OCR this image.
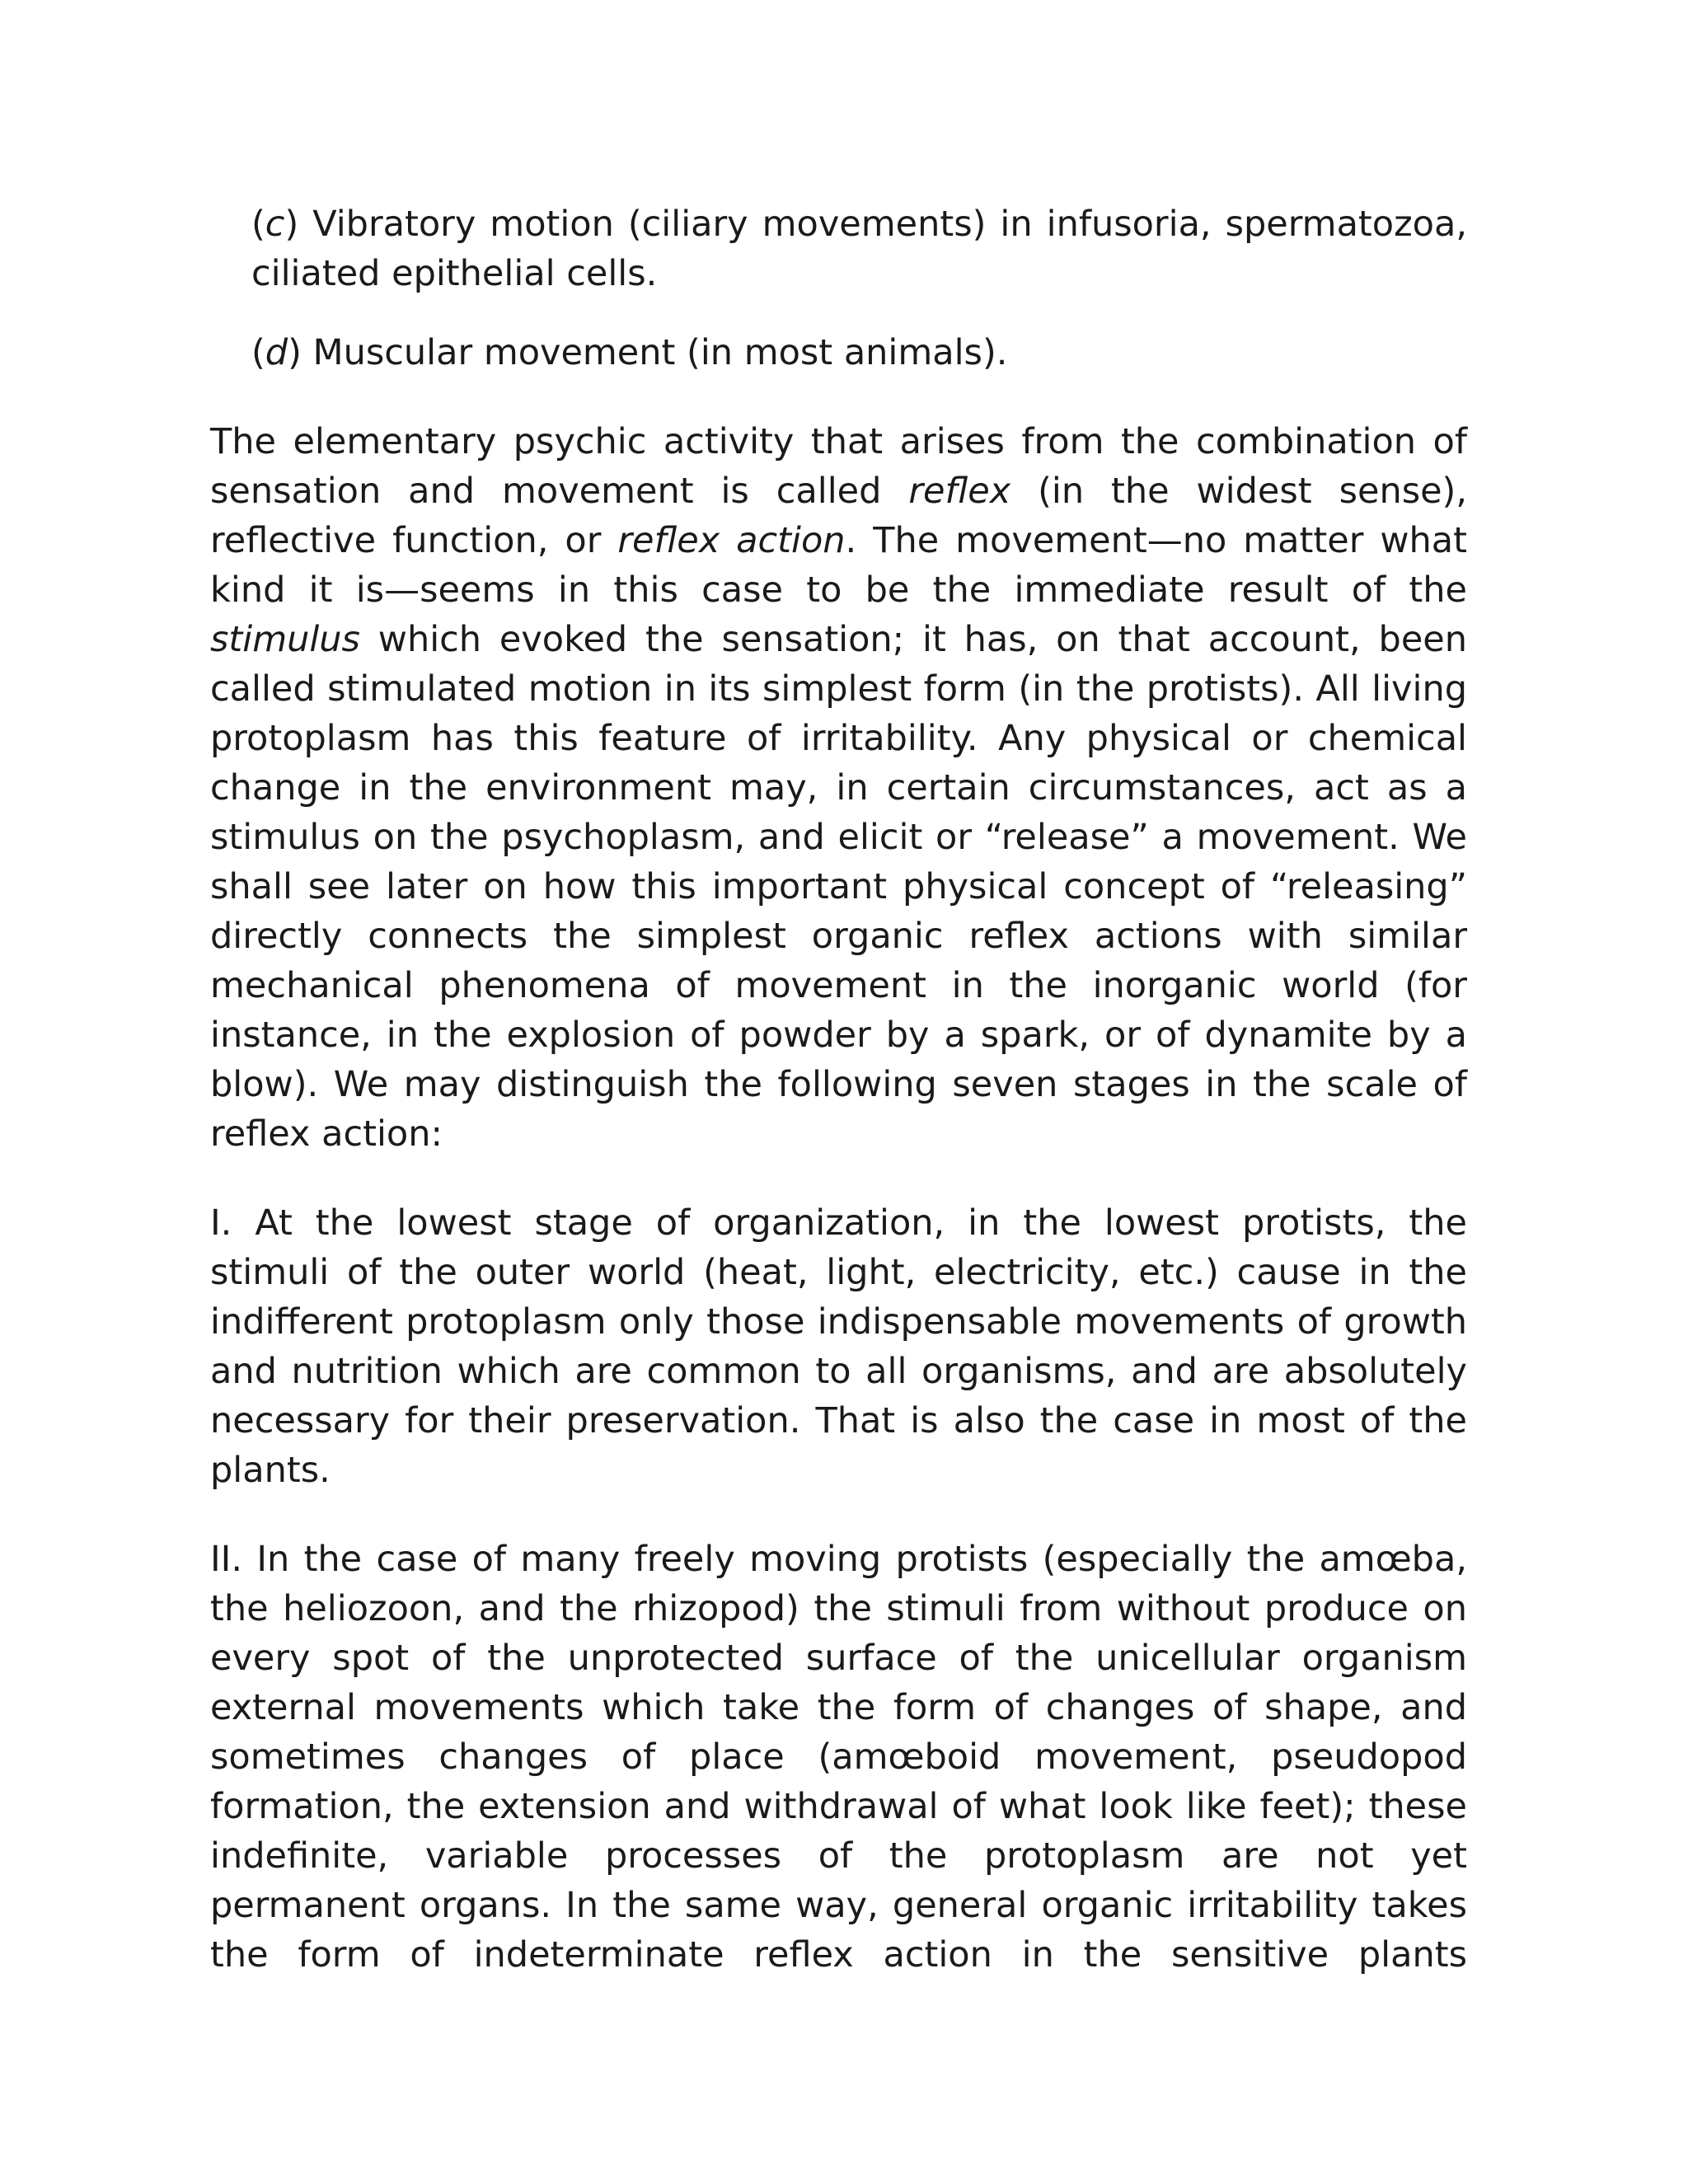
(c) Vibratory motion (ciliary movements) in infusoria, spermatozoa, ciliated epithelial cells.

(d) Muscular movement (in most animals).

The elementary psychic activity that arises from the combination of sensation and movement is called reflex (in the widest sense), reflective function, or reflex action. The movement—no matter what kind it is—seems in this case to be the immediate result of the stimulus which evoked the sensation; it has, on that account, been called stimulated motion in its simplest form (in the protists). All living protoplasm has this feature of irritability. Any physical or chemical change in the environment may, in certain circumstances, act as a stimulus on the psychoplasm, and elicit or “release” a movement. We shall see later on how this important physical concept of “releasing” directly connects the simplest organic reflex actions with similar mechanical phenomena of movement in the inorganic world (for instance, in the explosion of powder by a spark, or of dynamite by a blow). We may distinguish the following seven stages in the scale of reflex action:

I. At the lowest stage of organization, in the lowest protists, the stimuli of the outer world (heat, light, electricity, etc.) cause in the indifferent protoplasm only those indispensable movements of growth and nutrition which are common to all organisms, and are absolutely necessary for their preservation. That is also the case in most of the plants.

II. In the case of many freely moving protists (especially the amœba, the heliozoon, and the rhizopod) the stimuli from without produce on every spot of the unprotected surface of the unicellular organism external movements which take the form of changes of shape, and sometimes changes of place (amœboid movement, pseudopod formation, the extension and withdrawal of what look like feet); these indefinite, variable processes of the protoplasm are not yet permanent organs. In the same way, general organic irritability takes the form of indeterminate reflex action in the sensitive plants
